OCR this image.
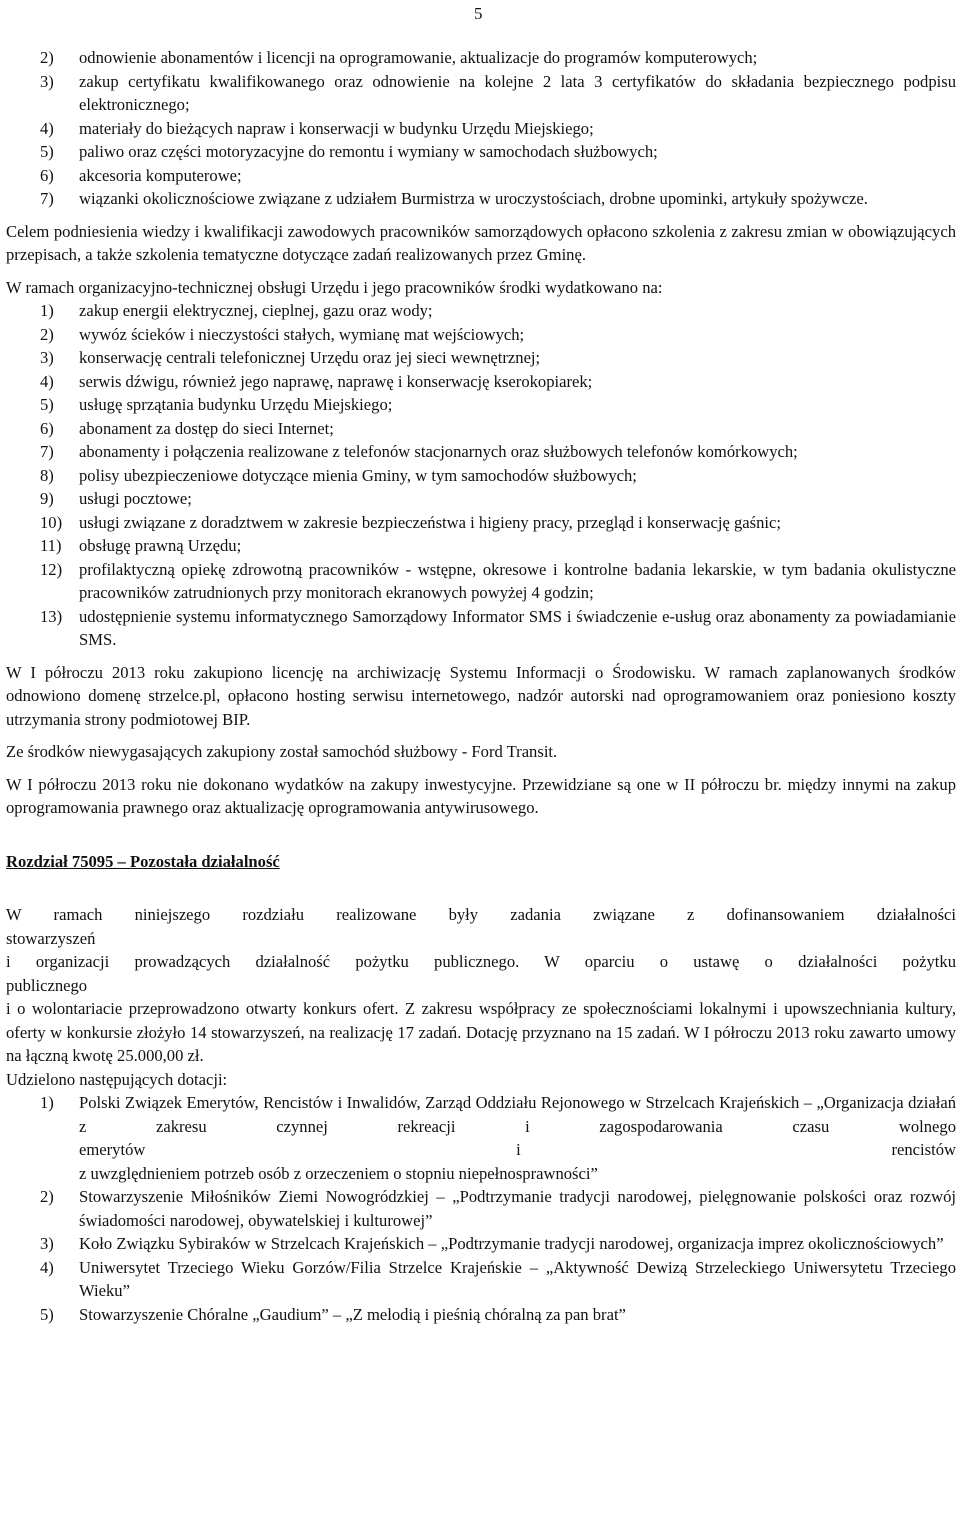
5
2) odnowienie abonamentów i licencji na oprogramowanie, aktualizacje do programów komputerowych;
3) zakup certyfikatu kwalifikowanego oraz odnowienie na kolejne 2 lata 3 certyfikatów do składania bezpiecznego podpisu elektronicznego;
4) materiały do bieżących napraw i konserwacji w budynku Urzędu Miejskiego;
5) paliwo oraz części motoryzacyjne do remontu i wymiany w samochodach służbowych;
6) akcesoria komputerowe;
7) wiązanki okolicznościowe związane z udziałem Burmistrza w uroczystościach, drobne upominki, artykuły spożywcze.

Celem podniesienia wiedzy i kwalifikacji zawodowych pracowników samorządowych opłacono szkolenia z zakresu zmian w obowiązujących przepisach, a także szkolenia tematyczne dotyczące zadań realizowanych przez Gminę.

W ramach organizacyjno-technicznej obsługi Urzędu i jego pracowników środki wydatkowano na:

1) zakup energii elektrycznej, cieplnej, gazu oraz wody;
2) wywóz ścieków i nieczystości stałych, wymianę mat wejściowych;
3) konserwację centrali telefonicznej Urzędu oraz jej sieci wewnętrznej;
4) serwis dźwigu, również jego naprawę, naprawę i konserwację kserokopiarek;
5) usługę sprzątania budynku Urzędu Miejskiego;
6) abonament za dostęp do sieci Internet;
7) abonamenty i połączenia realizowane z telefonów stacjonarnych oraz służbowych telefonów komórkowych;
8) polisy ubezpieczeniowe dotyczące mienia Gminy, w tym samochodów służbowych;
9) usługi pocztowe;
10) usługi związane z doradztwem w zakresie bezpieczeństwa i higieny pracy, przegląd i konserwację gaśnic;
11) obsługę prawną Urzędu;
12) profilaktyczną opiekę zdrowotną pracowników - wstępne, okresowe i kontrolne badania lekarskie, w tym badania okulistyczne pracowników zatrudnionych przy monitorach ekranowych powyżej 4 godzin;
13) udostępnienie systemu informatycznego Samorządowy Informator SMS i świadczenie e-usług oraz abonamenty za powiadamianie SMS.

W I półroczu 2013 roku zakupiono licencję na archiwizację Systemu Informacji o Środowisku. W ramach zaplanowanych środków odnowiono domenę strzelce.pl, opłacono hosting serwisu internetowego, nadzór autorski nad oprogramowaniem oraz poniesiono koszty utrzymania strony podmiotowej BIP.

Ze środków niewygasających zakupiony został samochód służbowy - Ford Transit.

W I półroczu 2013 roku nie dokonano wydatków na zakupy inwestycyjne. Przewidziane są one w II półroczu br. między innymi na zakup oprogramowania prawnego oraz aktualizację oprogramowania antywirusowego.

Rozdział 75095 – Pozostała działalność

W ramach niniejszego rozdziału realizowane były zadania związane z dofinansowaniem działalności

stowarzyszeń

i organizacji prowadzących działalność pożytku publicznego. W oparciu o ustawę o działalności pożytku

publicznego

i o wolontariacie przeprowadzono otwarty konkurs ofert. Z zakresu współpracy ze społecznościami lokalnymi i upowszechniania kultury, oferty w konkursie złożyło 14 stowarzyszeń, na realizację 17 zadań. Dotację przyznano na 15 zadań. W I półroczu 2013 roku zawarto umowy na łączną kwotę 25.000,00 zł.

Udzielono następujących dotacji:

1) Polski Związek Emerytów, Rencistów i Inwalidów, Zarząd Oddziału Rejonowego w Strzelcach Krajeńskich – „Organizacja działań z zakresu czynnej rekreacji i zagospodarowania czasu wolnego
emerytów i rencistów
z uwzględnieniem potrzeb osób z orzeczeniem o stopniu niepełnosprawności”
2) Stowarzyszenie Miłośników Ziemi Nowogródzkiej – „Podtrzymanie tradycji narodowej, pielęgnowanie polskości oraz rozwój świadomości narodowej, obywatelskiej i kulturowej”
3) Koło Związku Sybiraków w Strzelcach Krajeńskich – „Podtrzymanie tradycji narodowej, organizacja imprez okolicznościowych”
4) Uniwersytet Trzeciego Wieku Gorzów/Filia Strzelce Krajeńskie – „Aktywność Dewizą Strzeleckiego Uniwersytetu Trzeciego Wieku”
5) Stowarzyszenie Chóralne „Gaudium” – „Z melodią i pieśnią chóralną za pan brat”
